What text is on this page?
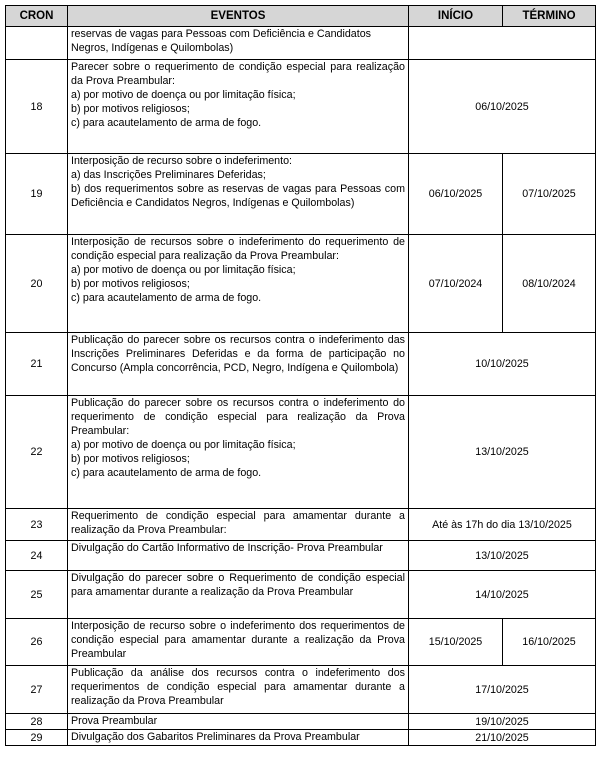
CRON	EVENTOS	INÍCIO	TÉRMINO

	reservas de vagas para Pessoas com Deficiência e Candidatos
Negros, Indígenas e Quilombolas)		

18	Parecer sobre o requerimento de condição especial para realização da Prova Preambular:
a) por motivo de doença ou por limitação física;
b) por motivos religiosos;
c) para acautelamento de arma de fogo.	06/10/2025	
19	Interposição de recurso sobre o indeferimento:
a) das Inscrições Preliminares Deferidas;
b) dos requerimentos sobre as reservas de vagas para Pessoas com Deficiência e Candidatos Negros, Indígenas e Quilombolas)	06/10/2025	07/10/2025
20	Interposição de recursos sobre o indeferimento do requerimento de condição especial para realização da Prova Preambular:
a) por motivo de doença ou por limitação física;
b) por motivos religiosos;
c) para acautelamento de arma de fogo.	07/10/2024	08/10/2024
21	Publicação do parecer sobre os recursos contra o indeferimento das Inscrições Preliminares Deferidas e da forma de participação no Concurso (Ampla concorrência, PCD, Negro, Indígena e Quilombola)	10/10/2025	
22	Publicação do parecer sobre os recursos contra o indeferimento do requerimento de condição especial para realização da Prova Preambular:
a) por motivo de doença ou por limitação física;
b) por motivos religiosos;
c) para acautelamento de arma de fogo.	13/10/2025	
23	Requerimento de condição especial para amamentar durante a realização da Prova Preambular:	Até às 17h do dia 13/10/2025	
24	Divulgação do Cartão Informativo de Inscrição- Prova Preambular	13/10/2025	
25	Divulgação do parecer sobre o Requerimento de condição especial para amamentar durante a realização da Prova Preambular	14/10/2025	
26	Interposição de recurso sobre o indeferimento dos requerimentos de condição especial para amamentar durante a realização da Prova Preambular	15/10/2025	16/10/2025
27	Publicação da análise dos recursos contra o indeferimento dos requerimentos de condição especial para amamentar durante a realização da Prova Preambular	17/10/2025	
28	Prova Preambular	19/10/2025	
29	Divulgação dos Gabaritos Preliminares da Prova Preambular	21/10/2025	
